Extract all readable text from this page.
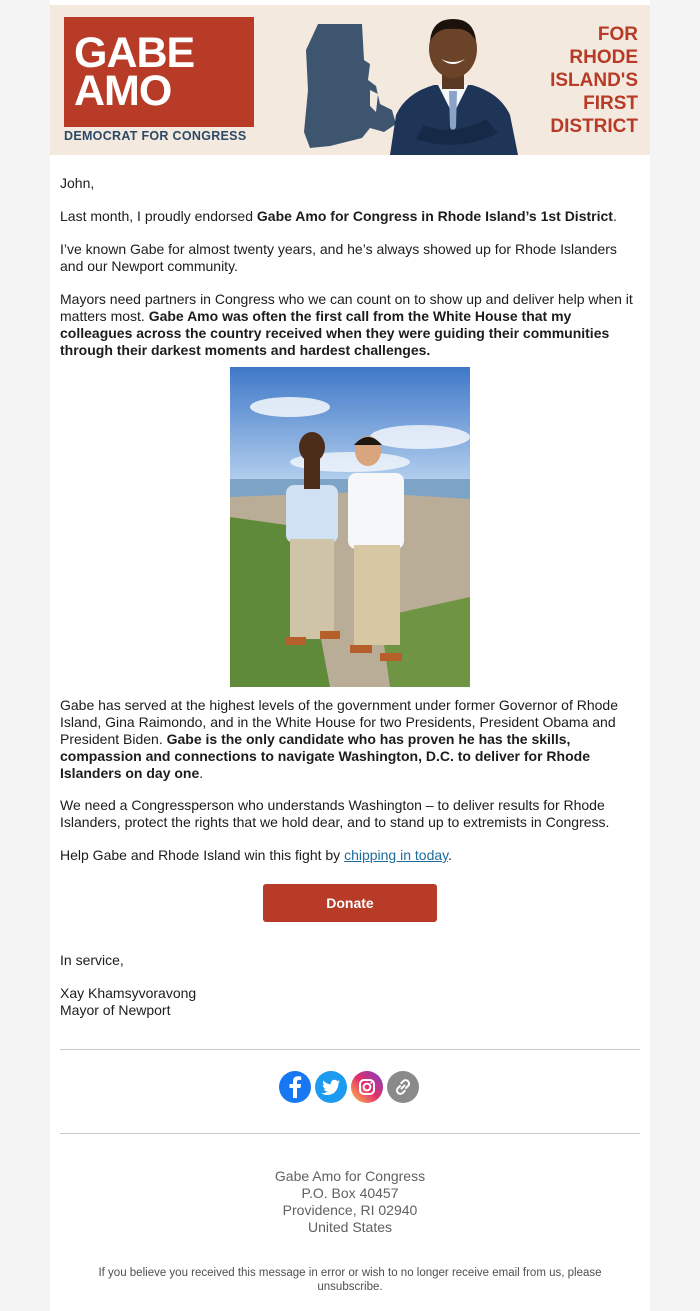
GABE
AMO
DEMOCRAT FOR CONGRESS
FOR
RHODE
ISLAND'S
FIRST
DISTRICT
John,

Last month, I proudly endorsed Gabe Amo for Congress in Rhode Island’s 1st District.

I’ve known Gabe for almost twenty years, and he’s always showed up for Rhode Islanders and our Newport community.

Mayors need partners in Congress who we can count on to show up and deliver help when it matters most. Gabe Amo was often the first call from the White House that my colleagues across the country received when they were guiding their communities through their darkest moments and hardest challenges.

Gabe has served at the highest levels of the government under former Governor of Rhode Island, Gina Raimondo, and in the White House for two Presidents, President Obama and President Biden. Gabe is the only candidate who has proven he has the skills, compassion and connections to navigate Washington, D.C. to deliver for Rhode Islanders on day one.

We need a Congressperson who understands Washington – to deliver results for Rhode Islanders, protect the rights that we hold dear, and to stand up to extremists in Congress.

Help Gabe and Rhode Island win this fight by chipping in today.

Donate
In service,
Xay Khamsyvoravong
Mayor of Newport
Gabe Amo for Congress
P.O. Box 40457
Providence, RI 02940
United States
If you believe you received this message in error or wish to no longer receive email from us, please unsubscribe.
